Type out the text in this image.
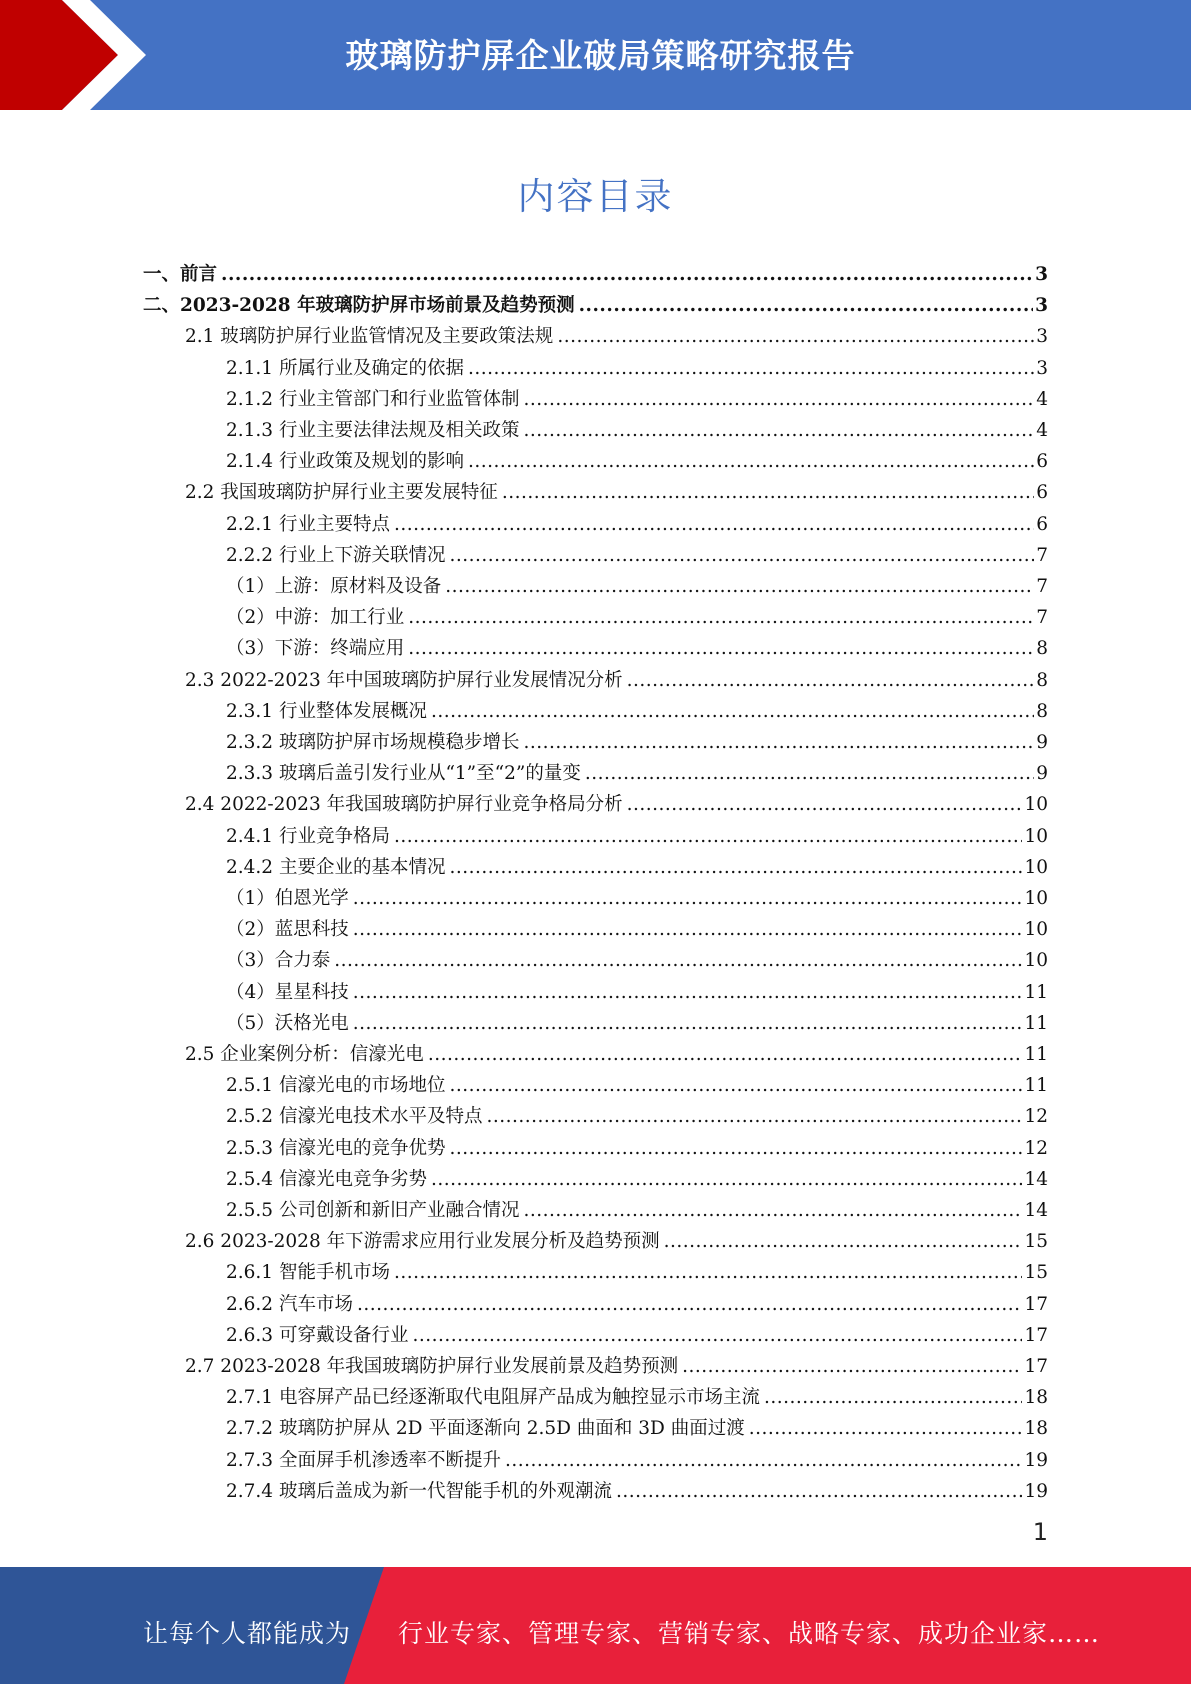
玻璃防护屏企业破局策略研究报告
内容目录
一、前言 .....	3
二、2023-2028 年玻璃防护屏市场前景及趋势预测 .....	3
2.1 玻璃防护屏行业监管情况及主要政策法规 .....	3
2.1.1 所属行业及确定的依据 .....	3
2.1.2 行业主管部门和行业监管体制 .....	4
2.1.3 行业主要法律法规及相关政策 .....	4
2.1.4 行业政策及规划的影响 .....	6
2.2 我国玻璃防护屏行业主要发展特征 .....	6
2.2.1 行业主要特点 .....	6
2.2.2 行业上下游关联情况 .....	7
（1）上游：原材料及设备 .....	7
（2）中游：加工行业 .....	7
（3）下游：终端应用 .....	8
2.3 2022-2023 年中国玻璃防护屏行业发展情况分析 .....	8
2.3.1 行业整体发展概况 .....	8
2.3.2 玻璃防护屏市场规模稳步增长 .....	9
2.3.3 玻璃后盖引发行业从“1”至“2”的量变 .....	9
2.4 2022-2023 年我国玻璃防护屏行业竞争格局分析 .....	10
2.4.1 行业竞争格局 .....	10
2.4.2 主要企业的基本情况 .....	10
（1）伯恩光学 .....	10
（2）蓝思科技 .....	10
（3）合力泰 .....	10
（4）星星科技 .....	11
（5）沃格光电 .....	11
2.5 企业案例分析：信濠光电 .....	11
2.5.1 信濠光电的市场地位 .....	11
2.5.2 信濠光电技术水平及特点 .....	12
2.5.3 信濠光电的竞争优势 .....	12
2.5.4 信濠光电竞争劣势 .....	14
2.5.5 公司创新和新旧产业融合情况 .....	14
2.6 2023-2028 年下游需求应用行业发展分析及趋势预测 .....	15
2.6.1 智能手机市场 .....	15
2.6.2 汽车市场 .....	17
2.6.3 可穿戴设备行业 .....	17
2.7 2023-2028 年我国玻璃防护屏行业发展前景及趋势预测 .....	17
2.7.1 电容屏产品已经逐渐取代电阻屏产品成为触控显示市场主流 .....	18
2.7.2 玻璃防护屏从 2D 平面逐渐向 2.5D 曲面和 3D 曲面过渡 .....	18
2.7.3 全面屏手机渗透率不断提升 .....	19
2.7.4 玻璃后盖成为新一代智能手机的外观潮流 .....	19
1
让每个人都能成为 行业专家、管理专家、营销专家、战略专家、成功企业家……
